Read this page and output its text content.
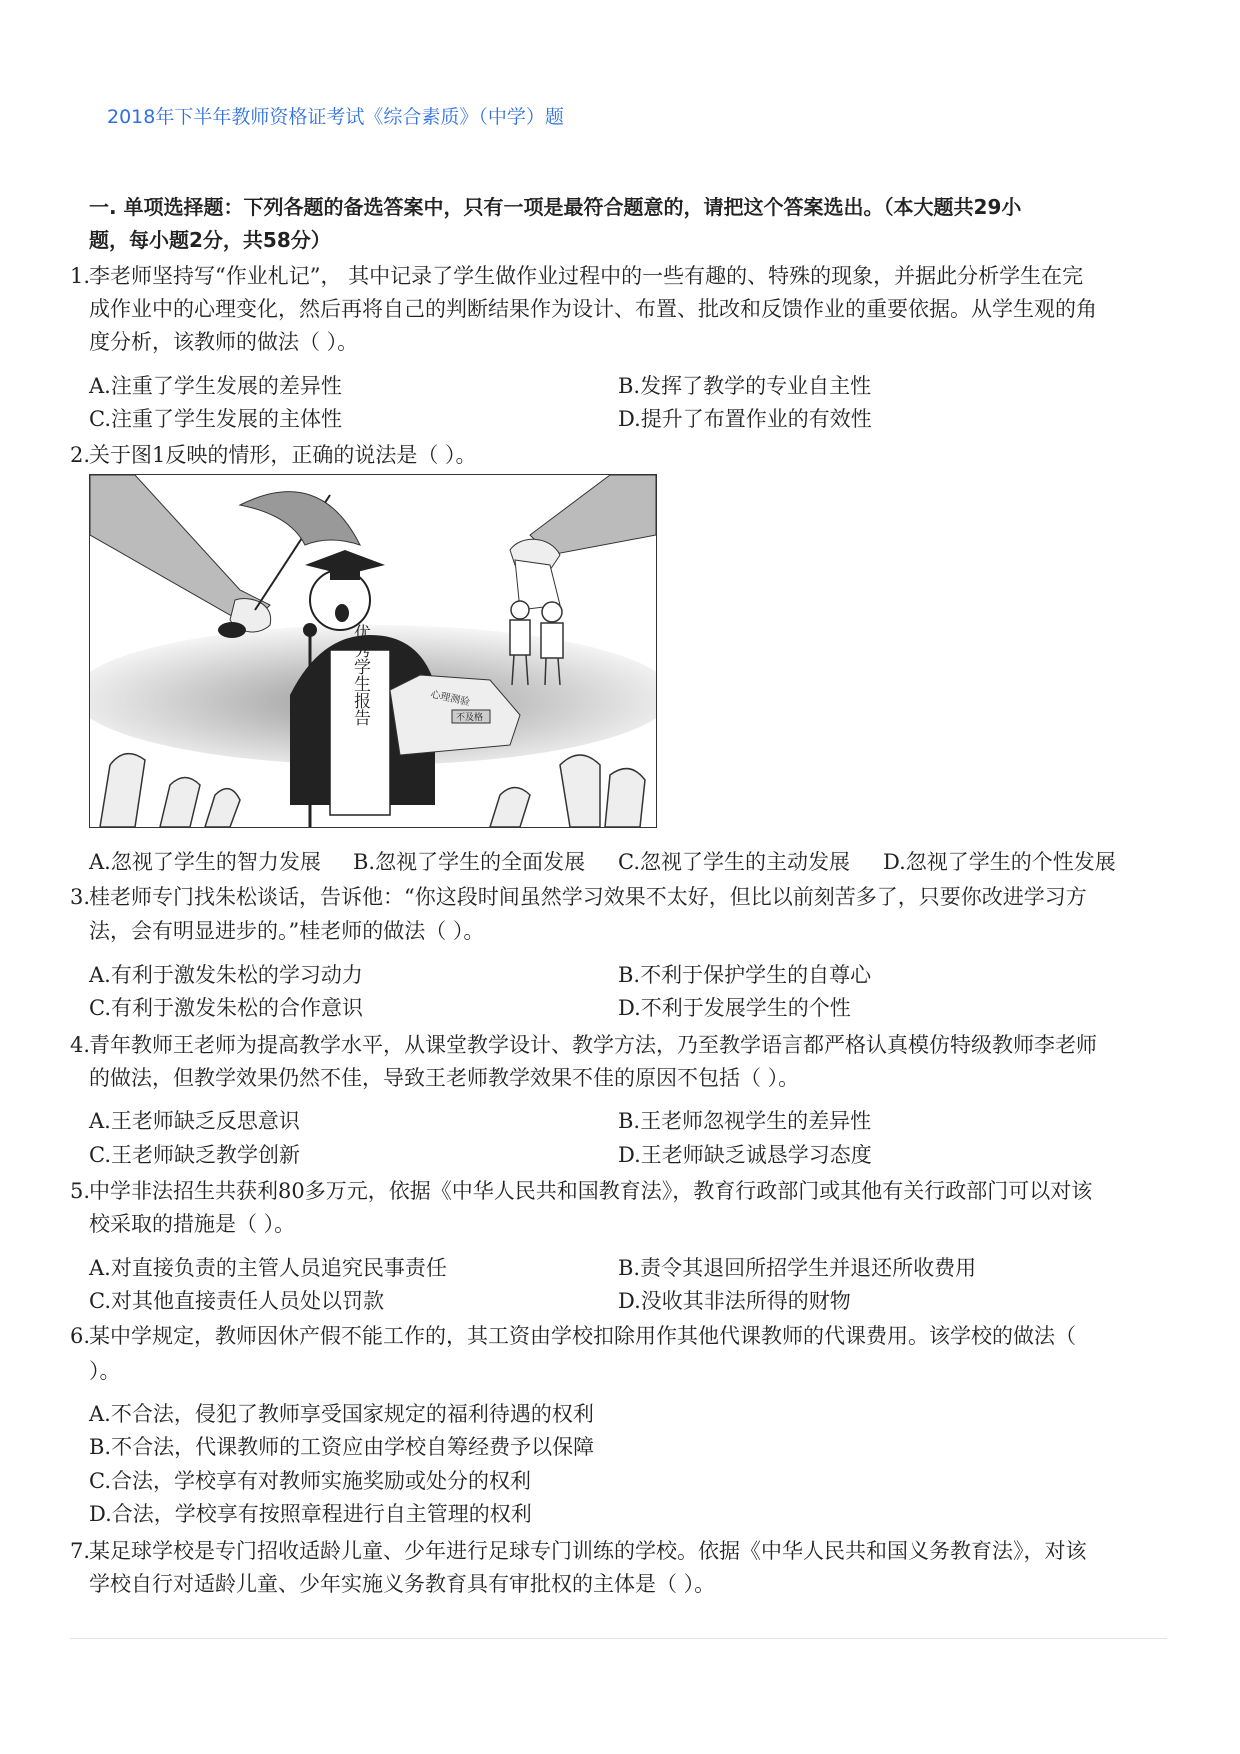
2018年下半年教师资格证考试《综合素质》（中学）题
一. 单项选择题：下列各题的备选答案中，只有一项是最符合题意的，请把这个答案选出。（本大题共29小
题，每小题2分，共58分）
1.
李老师坚持写“作业札记”， 其中记录了学生做作业过程中的一些有趣的、特殊的现象，并据此分析学生在完
成作业中的心理变化，然后再将自己的判断结果作为设计、布置、批改和反馈作业的重要依据。从学生观的角
度分析，该教师的做法（ ）。
A.注重了学生发展的差异性	B.发挥了教学的专业自主性
C.注重了学生发展的主体性	D.提升了布置作业的有效性
2.
关于图1反映的情形，正确的说法是（ ）。
优秀学生报告	心理测验
不及格
A.忽视了学生的智力发展 B.忽视了学生的全面发展 C.忽视了学生的主动发展 D.忽视了学生的个性发展
3.
桂老师专门找朱松谈话，告诉他：“你这段时间虽然学习效果不太好，但比以前刻苦多了，只要你改进学习方
法，会有明显进步的。”桂老师的做法（ ）。
A.有利于激发朱松的学习动力	B.不利于保护学生的自尊心
C.有利于激发朱松的合作意识	D.不利于发展学生的个性
4.
青年教师王老师为提高教学水平，从课堂教学设计、教学方法，乃至教学语言都严格认真模仿特级教师李老师
的做法，但教学效果仍然不佳，导致王老师教学效果不佳的原因不包括（ ）。
A.王老师缺乏反思意识	B.王老师忽视学生的差异性
C.王老师缺乏教学创新	D.王老师缺乏诚恳学习态度
5.
中学非法招生共获利80多万元，依据《中华人民共和国教育法》，教育行政部门或其他有关行政部门可以对该
校采取的措施是（ ）。
A.对直接负责的主管人员追究民事责任	B.责令其退回所招学生并退还所收费用
C.对其他直接责任人员处以罚款	D.没收其非法所得的财物
6.
某中学规定，教师因休产假不能工作的，其工资由学校扣除用作其他代课教师的代课费用。该学校的做法（
）。
A.不合法，侵犯了教师享受国家规定的福利待遇的权利
B.不合法，代课教师的工资应由学校自筹经费予以保障
C.合法，学校享有对教师实施奖励或处分的权利
D.合法，学校享有按照章程进行自主管理的权利
7.
某足球学校是专门招收适龄儿童、少年进行足球专门训练的学校。依据《中华人民共和国义务教育法》，对该
学校自行对适龄儿童、少年实施义务教育具有审批权的主体是（ ）。
